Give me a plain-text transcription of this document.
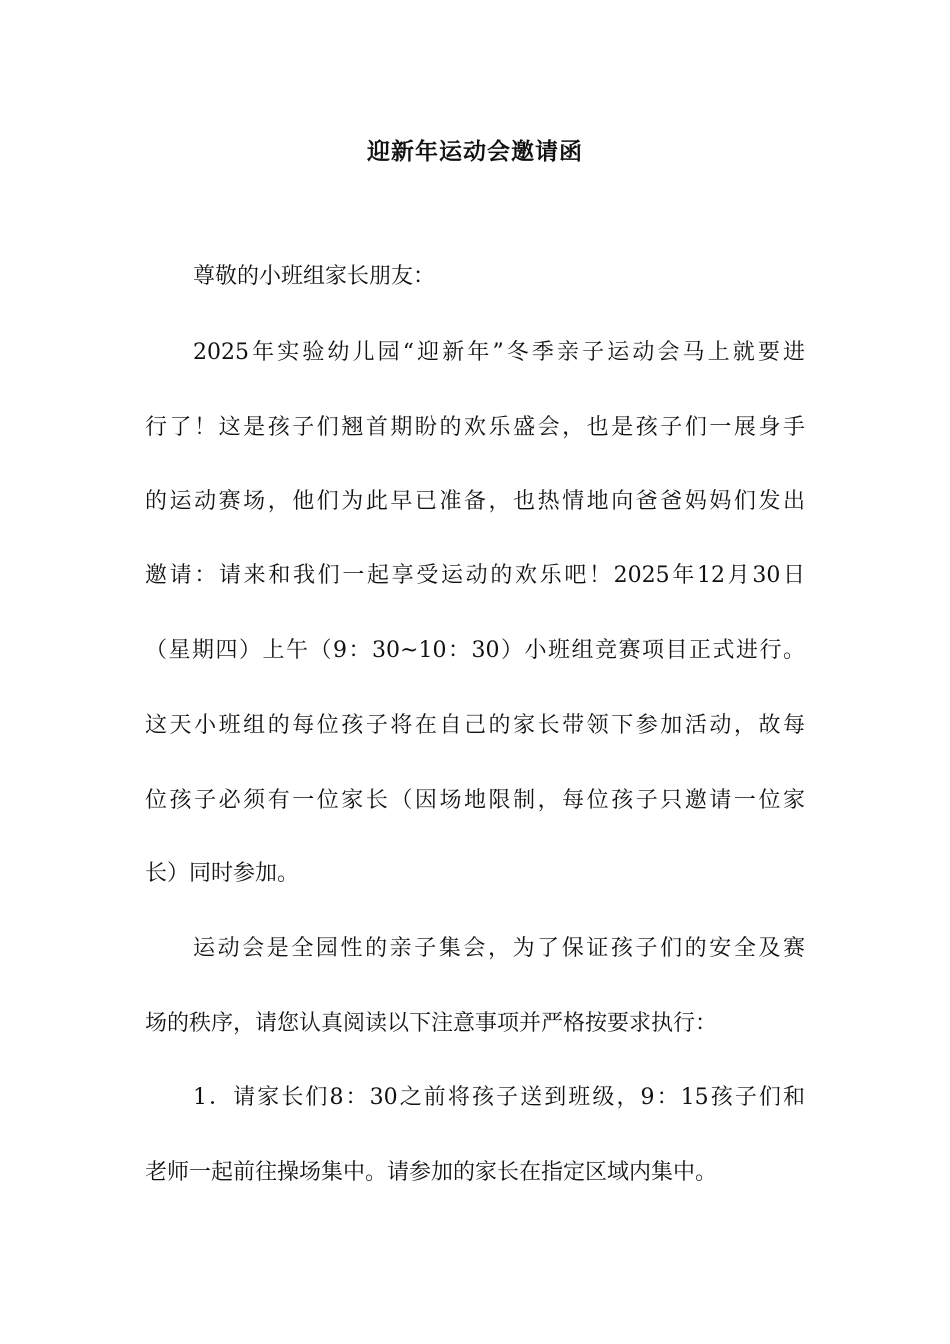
迎新年运动会邀请函
尊敬的小班组家长朋友：
2025年实验幼儿园“迎新年”冬季亲子运动会马上就要进
行了！这是孩子们翘首期盼的欢乐盛会，也是孩子们一展身手
的运动赛场，他们为此早已准备，也热情地向爸爸妈妈们发出
邀请：请来和我们一起享受运动的欢乐吧！2025年12月30日
（星期四）上午（9：30~10：30）小班组竞赛项目正式进行。
这天小班组的每位孩子将在自己的家长带领下参加活动，故每
位孩子必须有一位家长（因场地限制，每位孩子只邀请一位家
长）同时参加。
运动会是全园性的亲子集会，为了保证孩子们的安全及赛
场的秩序，请您认真阅读以下注意事项并严格按要求执行：
1．请家长们8：30之前将孩子送到班级，9：15孩子们和
老师一起前往操场集中。请参加的家长在指定区域内集中。
